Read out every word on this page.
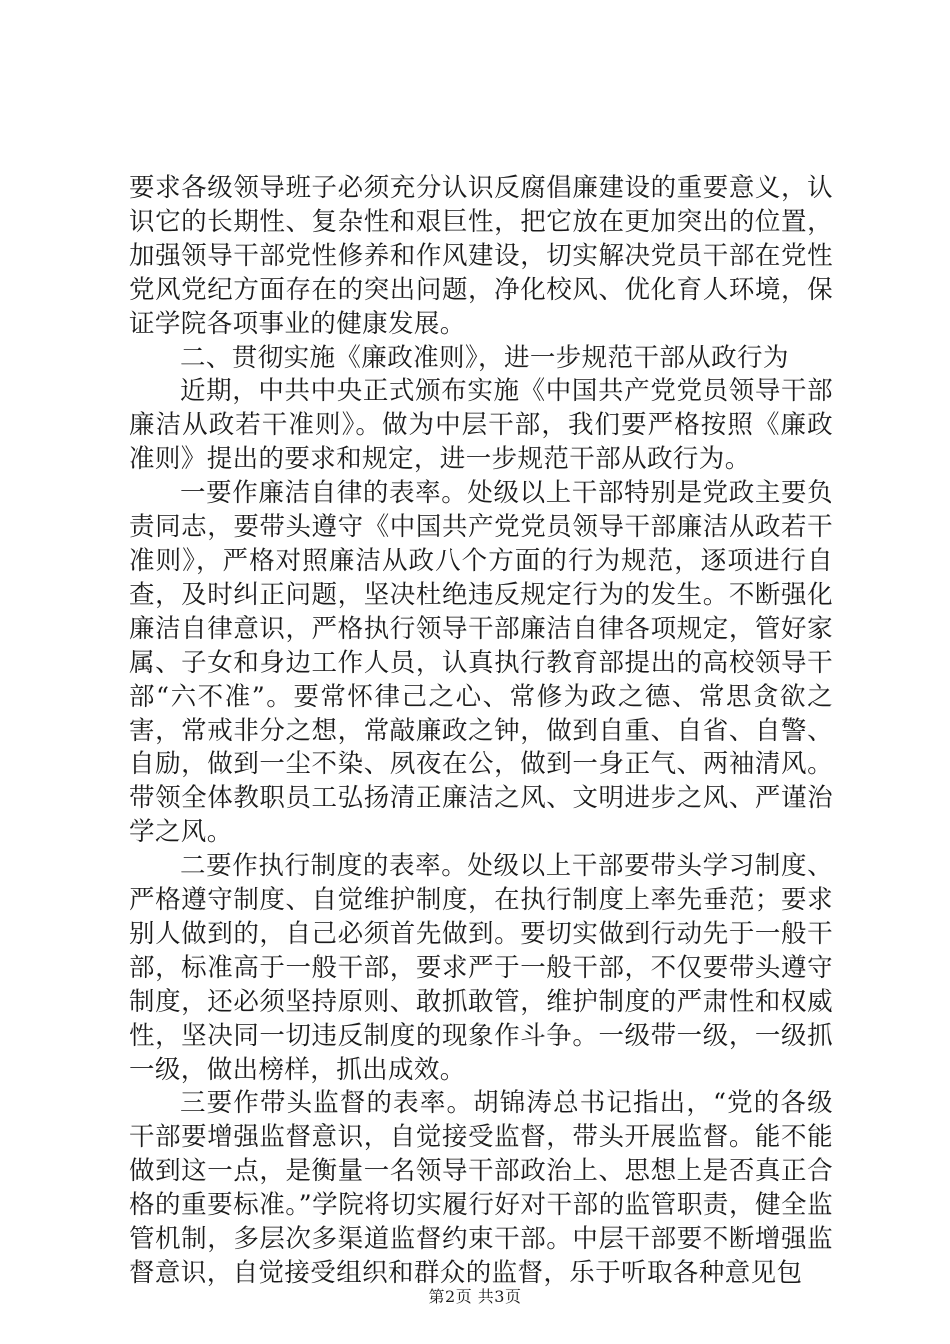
要求各级领导班子必须充分认识反腐倡廉建设的重要意义，认识它的长期性、复杂性和艰巨性，把它放在更加突出的位置，加强领导干部党性修养和作风建设，切实解决党员干部在党性党风党纪方面存在的突出问题，净化校风、优化育人环境，保证学院各项事业的健康发展。

二、贯彻实施《廉政准则》，进一步规范干部从政行为

近期，中共中央正式颁布实施《中国共产党党员领导干部廉洁从政若干准则》。做为中层干部，我们要严格按照《廉政准则》提出的要求和规定，进一步规范干部从政行为。

一要作廉洁自律的表率。处级以上干部特别是党政主要负责同志，要带头遵守《中国共产党党员领导干部廉洁从政若干准则》，严格对照廉洁从政八个方面的行为规范，逐项进行自查，及时纠正问题，坚决杜绝违反规定行为的发生。不断强化廉洁自律意识，严格执行领导干部廉洁自律各项规定，管好家属、子女和身边工作人员，认真执行教育部提出的高校领导干部“六不准”。要常怀律己之心、常修为政之德、常思贪欲之害，常戒非分之想，常敲廉政之钟，做到自重、自省、自警、自励，做到一尘不染、夙夜在公，做到一身正气、两袖清风。带领全体教职员工弘扬清正廉洁之风、文明进步之风、严谨治学之风。

二要作执行制度的表率。处级以上干部要带头学习制度、严格遵守制度、自觉维护制度，在执行制度上率先垂范；要求别人做到的，自己必须首先做到。要切实做到行动先于一般干部，标准高于一般干部，要求严于一般干部，不仅要带头遵守制度，还必须坚持原则、敢抓敢管，维护制度的严肃性和权威性，坚决同一切违反制度的现象作斗争。一级带一级，一级抓一级，做出榜样，抓出成效。

三要作带头监督的表率。胡锦涛总书记指出，“党的各级干部要增强监督意识，自觉接受监督，带头开展监督。能不能做到这一点，是衡量一名领导干部政治上、思想上是否真正合格的重要标准。”学院将切实履行好对干部的监管职责，健全监管机制，多层次多渠道监督约束干部。中层干部要不断增强监督意识，自觉接受组织和群众的监督，乐于听取各种意见包

第2页 共3页
